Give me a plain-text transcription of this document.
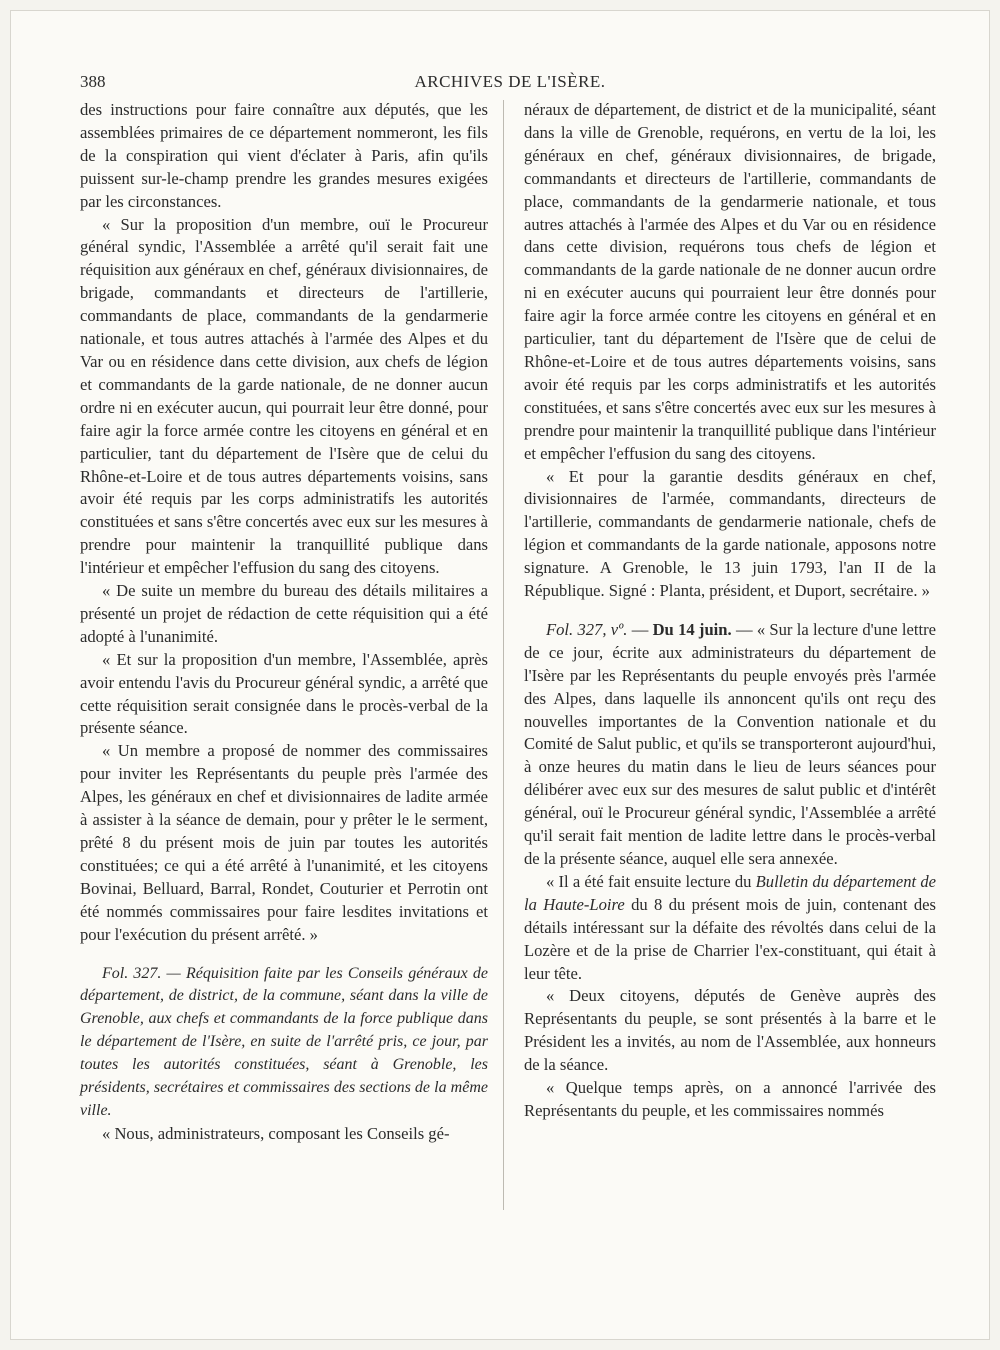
388	ARCHIVES DE L'ISÈRE.

des instructions pour faire connaître aux députés, que les assemblées primaires de ce département nommeront, les fils de la conspiration qui vient d'éclater à Paris, afin qu'ils puissent sur-le-champ prendre les grandes mesures exigées par les circonstances.

« Sur la proposition d'un membre, ouï le Procureur général syndic, l'Assemblée a arrêté qu'il serait fait une réquisition aux généraux en chef, généraux divisionnaires, de brigade, commandants et directeurs de l'artillerie, commandants de place, commandants de la gendarmerie nationale, et tous autres attachés à l'armée des Alpes et du Var ou en résidence dans cette division, aux chefs de légion et commandants de la garde nationale, de ne donner aucun ordre ni en exécuter aucun, qui pourrait leur être donné, pour faire agir la force armée contre les citoyens en général et en particulier, tant du département de l'Isère que de celui du Rhône-et-Loire et de tous autres départements voisins, sans avoir été requis par les corps administratifs les autorités constituées et sans s'être concertés avec eux sur les mesures à prendre pour maintenir la tranquillité publique dans l'intérieur et empêcher l'effusion du sang des citoyens.

« De suite un membre du bureau des détails militaires a présenté un projet de rédaction de cette réquisition qui a été adopté à l'unanimité.

« Et sur la proposition d'un membre, l'Assemblée, après avoir entendu l'avis du Procureur général syndic, a arrêté que cette réquisition serait consignée dans le procès-verbal de la présente séance.

« Un membre a proposé de nommer des commissaires pour inviter les Représentants du peuple près l'armée des Alpes, les généraux en chef et divisionnaires de ladite armée à assister à la séance de demain, pour y prêter le le serment, prêté 8 du présent mois de juin par toutes les autorités constituées; ce qui a été arrêté à l'unanimité, et les citoyens Bovinai, Belluard, Barral, Rondet, Couturier et Perrotin ont été nommés commissaires pour faire lesdites invitations et pour l'exécution du présent arrêté. »

Fol. 327. — Réquisition faite par les Conseils généraux de département, de district, de la commune, séant dans la ville de Grenoble, aux chefs et commandants de la force publique dans le département de l'Isère, en suite de l'arrêté pris, ce jour, par toutes les autorités constituées, séant à Grenoble, les présidents, secrétaires et commissaires des sections de la même ville.

« Nous, administrateurs, composant les Conseils gé-

néraux de département, de district et de la municipalité, séant dans la ville de Grenoble, requérons, en vertu de la loi, les généraux en chef, généraux divisionnaires, de brigade, commandants et directeurs de l'artillerie, commandants de place, commandants de la gendarmerie nationale, et tous autres attachés à l'armée des Alpes et du Var ou en résidence dans cette division, requérons tous chefs de légion et commandants de la garde nationale de ne donner aucun ordre ni en exécuter aucuns qui pourraient leur être donnés pour faire agir la force armée contre les citoyens en général et en particulier, tant du département de l'Isère que de celui de Rhône-et-Loire et de tous autres départements voisins, sans avoir été requis par les corps administratifs et les autorités constituées, et sans s'être concertés avec eux sur les mesures à prendre pour maintenir la tranquillité publique dans l'intérieur et empêcher l'effusion du sang des citoyens.

« Et pour la garantie desdits généraux en chef, divisionnaires de l'armée, commandants, directeurs de l'artillerie, commandants de gendarmerie nationale, chefs de légion et commandants de la garde nationale, apposons notre signature. A Grenoble, le 13 juin 1793, l'an II de la République. Signé : Planta, président, et Duport, secrétaire. »

Fol. 327, vº. — Du 14 juin. — « Sur la lecture d'une lettre de ce jour, écrite aux administrateurs du département de l'Isère par les Représentants du peuple envoyés près l'armée des Alpes, dans laquelle ils annoncent qu'ils ont reçu des nouvelles importantes de la Convention nationale et du Comité de Salut public, et qu'ils se transporteront aujourd'hui, à onze heures du matin dans le lieu de leurs séances pour délibérer avec eux sur des mesures de salut public et d'intérêt général, ouï le Procureur général syndic, l'Assemblée a arrêté qu'il serait fait mention de ladite lettre dans le procès-verbal de la présente séance, auquel elle sera annexée.

« Il a été fait ensuite lecture du Bulletin du département de la Haute-Loire du 8 du présent mois de juin, contenant des détails intéressant sur la défaite des révoltés dans celui de la Lozère et de la prise de Charrier l'ex-constituant, qui était à leur tête.

« Deux citoyens, députés de Genève auprès des Représentants du peuple, se sont présentés à la barre et le Président les a invités, au nom de l'Assemblée, aux honneurs de la séance.

« Quelque temps après, on a annoncé l'arrivée des Représentants du peuple, et les commissaires nommés
